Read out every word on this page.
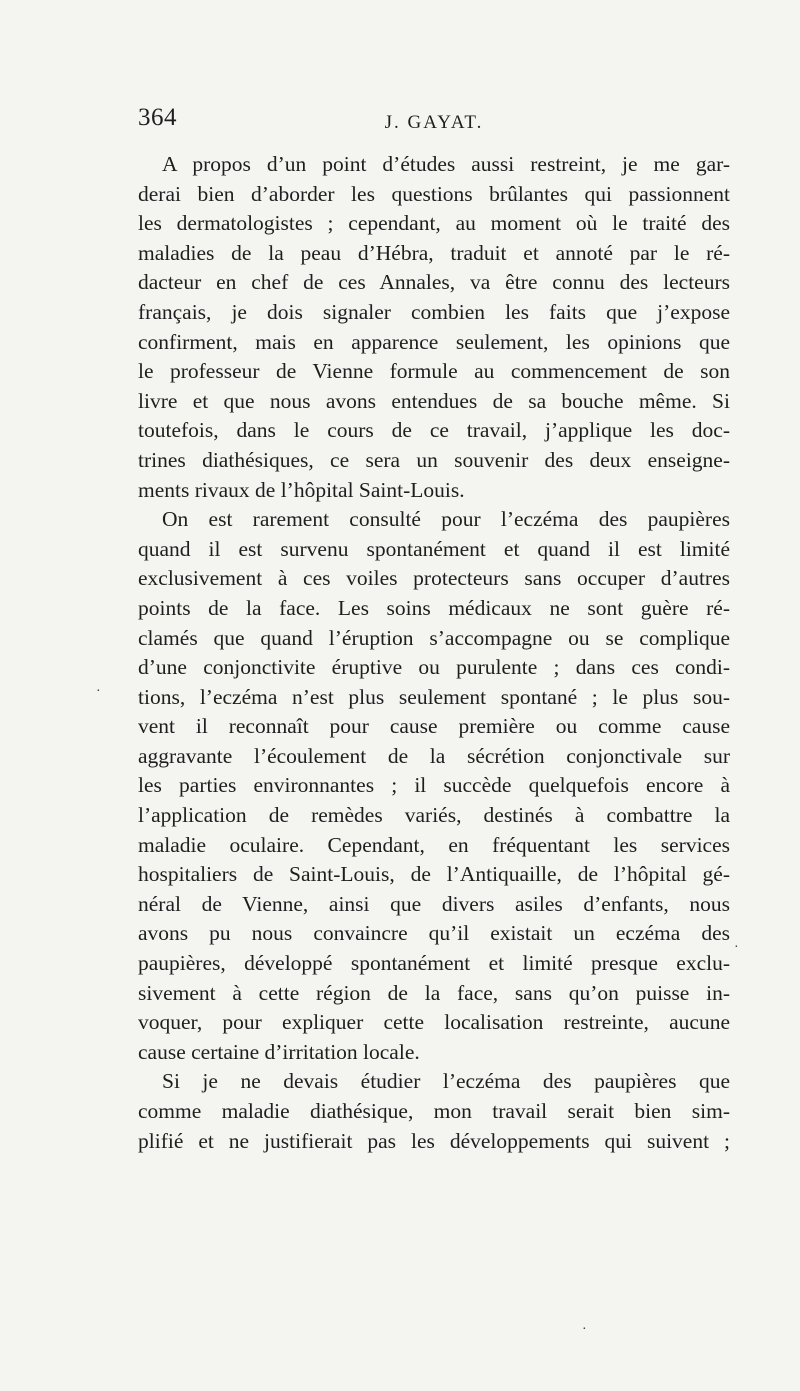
364	J. GAYAT.
A propos d’un point d’études aussi restreint, je me gar-
derai bien d’aborder les questions brûlantes qui passionnent
les dermatologistes ; cependant, au moment où le traité des
maladies de la peau d’Hébra, traduit et annoté par le ré-
dacteur en chef de ces Annales, va être connu des lecteurs
français, je dois signaler combien les faits que j’expose
confirment, mais en apparence seulement, les opinions que
le professeur de Vienne formule au commencement de son
livre et que nous avons entendues de sa bouche même. Si
toutefois, dans le cours de ce travail, j’applique les doc-
trines diathésiques, ce sera un souvenir des deux enseigne-
ments rivaux de l’hôpital Saint-Louis.
On est rarement consulté pour l’eczéma des paupières
quand il est survenu spontanément et quand il est limité
exclusivement à ces voiles protecteurs sans occuper d’autres
points de la face. Les soins médicaux ne sont guère ré-
clamés que quand l’éruption s’accompagne ou se complique
d’une conjonctivite éruptive ou purulente ; dans ces condi-
tions, l’eczéma n’est plus seulement spontané ; le plus sou-
vent il reconnaît pour cause première ou comme cause
aggravante l’écoulement de la sécrétion conjonctivale sur
les parties environnantes ; il succède quelquefois encore à
l’application de remèdes variés, destinés à combattre la
maladie oculaire. Cependant, en fréquentant les services
hospitaliers de Saint-Louis, de l’Antiquaille, de l’hôpital gé-
néral de Vienne, ainsi que divers asiles d’enfants, nous
avons pu nous convaincre qu’il existait un eczéma des
paupières, développé spontanément et limité presque exclu-
sivement à cette région de la face, sans qu’on puisse in-
voquer, pour expliquer cette localisation restreinte, aucune
cause certaine d’irritation locale.
Si je ne devais étudier l’eczéma des paupières que
comme maladie diathésique, mon travail serait bien sim-
plifié et ne justifierait pas les développements qui suivent ;
·
·
·
